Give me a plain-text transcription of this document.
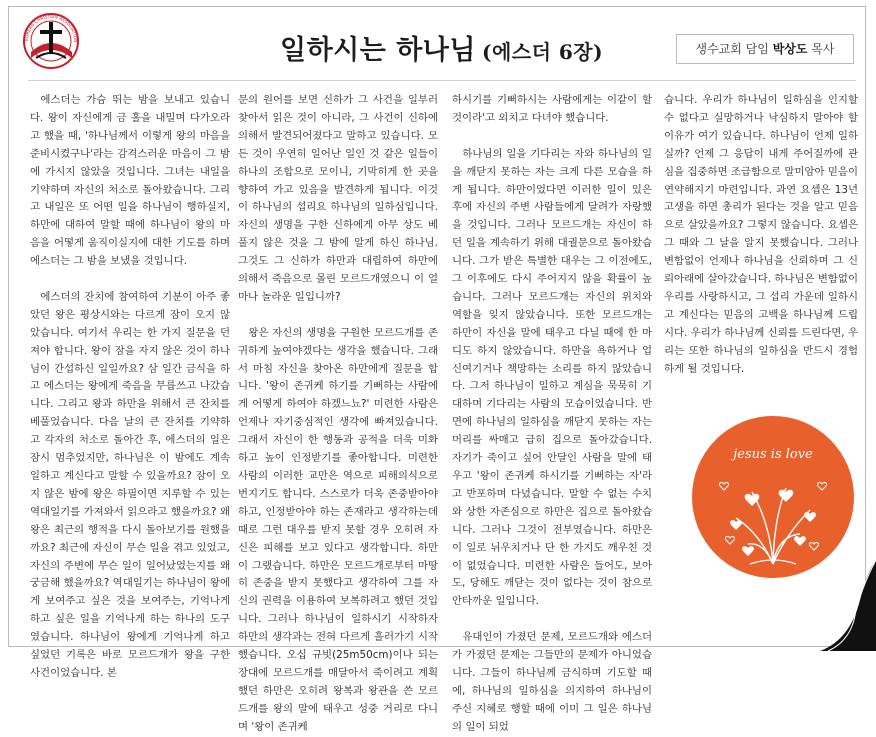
KOREAN CHRISTIAN ASSOCIATION	일하시는 하나님 (에스더 6장)	생수교회 담임 박상도 목사

에스더는 가슴 뛰는 밤을 보내고 있습니다. 왕이 자신에게 금 홀을 내밀며 다가오라고 했을 때, '하나님께서 이렇게 왕의 마음을 준비시켰구나'라는 감격스러운 마음이 그 밤에 가시지 않았을 것입니다. 그녀는 내일을 기약하며 자신의 처소로 돌아왔습니다. 그리고 내일은 또 어떤 일을 하나님이 행하실지, 하만에 대하여 말할 때에 하나님이 왕의 마음을 어떻게 움직이실지에 대한 기도를 하며 에스더는 그 밤을 보냈을 것입니다.

에스더의 잔치에 참여하여 기분이 아주 좋았던 왕은 평상시와는 다르게 잠이 오지 않았습니다. 여기서 우리는 한 가지 질문을 던져야 합니다. 왕이 잠을 자지 않은 것이 하나님이 간섭하신 일일까요? 삼 일간 금식을 하고 에스더는 왕에게 죽음을 무릅쓰고 나갔습니다. 그리고 왕과 하만을 위해서 큰 잔치를 베풀었습니다. 다음 날의 큰 잔치를 기약하고 각자의 처소로 돌아간 후, 에스더의 일은 잠시 멈추었지만, 하나님은 이 밤에도 계속 일하고 계신다고 말할 수 있을까요? 잠이 오지 않은 밤에 왕은 하필이면 지루할 수 있는 역대일기를 가져와서 읽으라고 했을까요? 왜 왕은 최근의 행적을 다시 돌아보기를 원했을까요? 최근에 자신이 무슨 일을 겪고 있었고, 자신의 주변에 무슨 일이 일어났었는지를 왜 궁금해 했을까요? 역대일기는 하나님이 왕에게 보여주고 싶은 것을 보여주는, 기억나게 하고 싶은 일을 기억나게 하는 하나의 도구였습니다. 하나님이 왕에게 기억나게 하고 싶었던 기록은 바로 모르드개가 왕을 구한 사건이었습니다. 본

문의 원어를 보면 신하가 그 사건을 일부러 찾아서 읽은 것이 아니라, 그 사건이 신하에 의해서 발견되어졌다고 말하고 있습니다. 모든 것이 우연히 일어난 일인 것 같은 일들이 하나의 조합으로 모이니, 기막히게 한 곳을 향하여 가고 있음을 발견하게 됩니다. 이것이 하나님의 섭리요 하나님의 일하심입니다. 자신의 생명을 구한 신하에게 아무 상도 베풀지 않은 것을 그 밤에 알게 하신 하나님. 그것도 그 신하가 하만과 대립하여 하만에 의해서 죽음으로 몰린 모르드개였으니 이 얼마나 놀라운 일입니까?

왕은 자신의 생명을 구원한 모르드개를 존귀하게 높여야겠다는 생각을 했습니다. 그래서 마침 자신을 찾아온 하만에게 질문을 합니다. '왕이 존귀케 하기를 기뻐하는 사람에게 어떻게 하여야 하겠느뇨?' 미련한 사람은 언제나 자기중심적인 생각에 빠져있습니다. 그래서 자신이 한 행동과 공적을 더욱 미화하고 높이 인정받기를 좋아합니다. 미련한 사람의 이러한 교만은 역으로 피해의식으로 번지기도 합니다. 스스로가 더욱 존중받아야 하고, 인정받아야 하는 존재라고 생각하는데 때로 그런 대우를 받지 못할 경우 오히려 자신은 피해를 보고 있다고 생각합니다. 하만이 그랬습니다. 하만은 모르드개로부터 마땅히 존중을 받지 못했다고 생각하여 그를 자신의 권력을 이용하여 보복하려고 했던 것입니다. 그러나 하나님이 일하시기 시작하자 하만의 생각과는 전혀 다르게 흘러가기 시작했습니다. 오십 규빗(25m50cm)이나 되는 장대에 모르드개를 매달아서 죽이려고 계획했던 하만은 오히려 왕복과 왕관을 쓴 모르드개를 왕의 말에 태우고 성중 거리로 다니며 '왕이 존귀케

하시기를 기뻐하시는 사람에게는 이같이 할 것이라'고 외치고 다녀야 했습니다.

하나님의 일을 기다리는 자와 하나님의 일을 깨닫지 못하는 자는 크게 다른 모습을 하게 됩니다. 하만이었다면 이러한 일이 있은 후에 자신의 주변 사람들에게 달려가 자랑했을 것입니다. 그러나 모르드개는 자신이 하던 일을 계속하기 위해 대궐문으로 돌아왔습니다. 그가 받은 특별한 대우는 그 이전에도, 그 이후에도 다시 주어지지 않을 확률이 높습니다. 그러나 모르드개는 자신의 위치와 역할을 잊지 않았습니다. 또한 모르드개는 하만이 자신을 말에 태우고 다닐 때에 한 마디도 하지 않았습니다. 하만을 욕하거나 업신여기거나 책망하는 소리를 하지 않았습니다. 그저 하나님이 일하고 계심을 묵묵히 기대하며 기다리는 사람의 모습이었습니다. 반면에 하나님의 일하심을 깨닫지 못하는 자는 머리를 싸매고 급히 집으로 돌아갔습니다. 자기가 죽이고 싶어 안달인 사람을 말에 태우고 '왕이 존귀케 하시기를 기뻐하는 자'라고 반포하며 다녔습니다. 말할 수 없는 수치와 상한 자존심으로 하만은 집으로 돌아왔습니다. 그러나 그것이 전부였습니다. 하만은 이 일로 뉘우치거나 단 한 가지도 깨우친 것이 없었습니다. 미련한 사람은 들어도, 보아도, 당해도 깨닫는 것이 없다는 것이 참으로 안타까운 일입니다.

유대인이 가졌던 문제, 모르드개와 에스더가 가졌던 문제는 그들만의 문제가 아니었습니다. 그들이 하나님께 금식하며 기도할 때에, 하나님의 일하심을 의지하여 하나님이 주신 지혜로 행할 때에 이미 그 일은 하나님의 일이 되었

습니다. 우리가 하나님이 일하심을 인지할 수 없다고 실망하거나 낙심하지 말아야 할 이유가 여기 있습니다. 하나님이 언제 일하실까? 언제 그 응답이 내게 주어질까에 관심을 집중하면 조급함으로 말미암아 믿음이 연약해지기 마련입니다. 과연 요셉은 13년 고생을 하면 총리가 된다는 것을 알고 믿음으로 살았을까요? 그렇지 않습니다. 요셉은 그 때와 그 날을 알지 못했습니다. 그러나 변함없이 언제나 하나님을 신뢰하며 그 신뢰아래에 살아갔습니다. 하나님은 변함없이 우리를 사랑하시고, 그 섭리 가운데 일하시고 계신다는 믿음의 고백을 하나님께 드립시다. 우리가 하나님께 신뢰를 드린다면, 우리는 또한 하나님의 일하심을 반드시 경험하게 될 것입니다.

jesus is love
